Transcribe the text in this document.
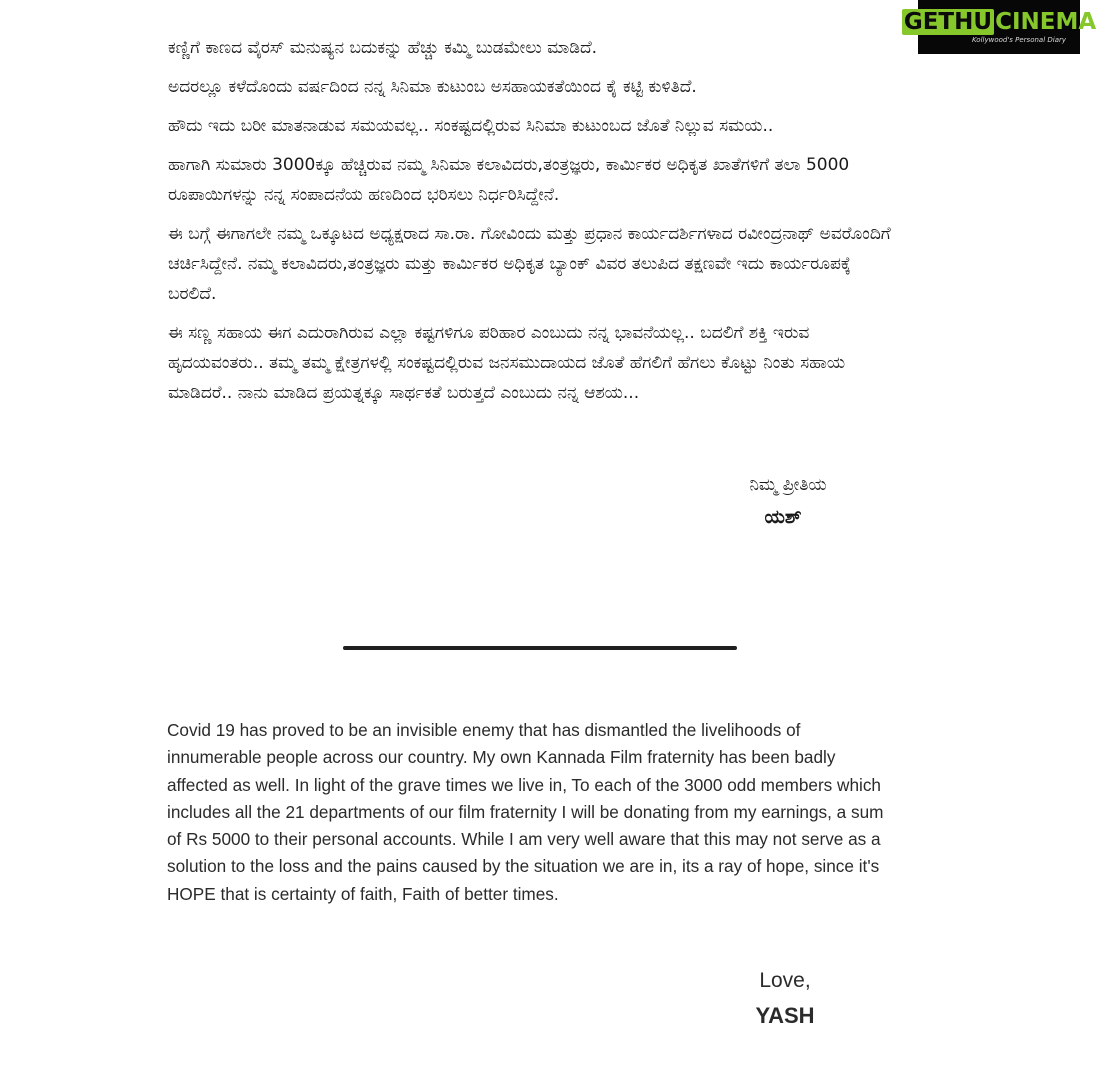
GETHU CINEMA
Kollywood's Personal Diary

ಕಣ್ಣಿಗೆ ಕಾಣದ ವೈರಸ್ ಮನುಷ್ಯನ ಬದುಕನ್ನು ಹೆಚ್ಚು ಕಮ್ಮಿ ಬುಡಮೇಲು ಮಾಡಿದೆ.

ಅದರಲ್ಲೂ ಕಳೆದೊಂದು ವರ್ಷದಿಂದ ನನ್ನ ಸಿನಿಮಾ ಕುಟುಂಬ ಅಸಹಾಯಕತೆಯಿಂದ ಕೈ ಕಟ್ಟಿ ಕುಳಿತಿದೆ.

ಹೌದು ಇದು ಬರೀ ಮಾತನಾಡುವ ಸಮಯವಲ್ಲ.. ಸಂಕಷ್ಟದಲ್ಲಿರುವ ಸಿನಿಮಾ ಕುಟುಂಬದ ಜೊತೆ ನಿಲ್ಲುವ ಸಮಯ..

ಹಾಗಾಗಿ ಸುಮಾರು 3000ಕ್ಕೂ ಹೆಚ್ಚಿರುವ ನಮ್ಮ ಸಿನಿಮಾ ಕಲಾವಿದರು,ತಂತ್ರಜ್ಞರು, ಕಾರ್ಮಿಕರ ಅಧಿಕೃತ ಖಾತೆಗಳಿಗೆ ತಲಾ 5000 ರೂಪಾಯಿಗಳನ್ನು ನನ್ನ ಸಂಪಾದನೆಯ ಹಣದಿಂದ ಭರಿಸಲು ನಿರ್ಧರಿಸಿದ್ದೇನೆ.

ಈ ಬಗ್ಗೆ ಈಗಾಗಲೇ ನಮ್ಮ ಒಕ್ಕೂಟದ ಅಧ್ಯಕ್ಷರಾದ ಸಾ.ರಾ. ಗೋವಿಂದು ಮತ್ತು ಪ್ರಧಾನ ಕಾರ್ಯದರ್ಶಿಗಳಾದ ರವೀಂದ್ರನಾಥ್ ಅವರೊಂದಿಗೆ ಚರ್ಚಿಸಿದ್ದೇನೆ. ನಮ್ಮ ಕಲಾವಿದರು,ತಂತ್ರಜ್ಞರು ಮತ್ತು ಕಾರ್ಮಿಕರ ಅಧಿಕೃತ ಬ್ಯಾಂಕ್ ವಿವರ ತಲುಪಿದ ತಕ್ಷಣವೇ ಇದು ಕಾರ್ಯರೂಪಕ್ಕೆ ಬರಲಿದೆ.

ಈ ಸಣ್ಣ ಸಹಾಯ ಈಗ ಎದುರಾಗಿರುವ ಎಲ್ಲಾ ಕಷ್ಟಗಳಿಗೂ ಪರಿಹಾರ ಎಂಬುದು ನನ್ನ ಭಾವನೆಯಲ್ಲ.. ಬದಲಿಗೆ ಶಕ್ತಿ ಇರುವ ಹೃದಯವಂತರು.. ತಮ್ಮ ತಮ್ಮ ಕ್ಷೇತ್ರಗಳಲ್ಲಿ ಸಂಕಷ್ಟದಲ್ಲಿರುವ ಜನಸಮುದಾಯದ ಜೊತೆ ಹೆಗಲಿಗೆ ಹೆಗಲು ಕೊಟ್ಟು ನಿಂತು ಸಹಾಯ ಮಾಡಿದರೆ.. ನಾನು ಮಾಡಿದ ಪ್ರಯತ್ನಕ್ಕೂ ಸಾರ್ಥಕತೆ ಬರುತ್ತದೆ ಎಂಬುದು ನನ್ನ ಆಶಯ...

ನಿಮ್ಮ ಪ್ರೀತಿಯ
ಯಶ್

Covid 19 has proved to be an invisible enemy that has dismantled the livelihoods of innumerable people across our country. My own Kannada Film fraternity has been badly affected as well. In light of the grave times we live in, To each of the 3000 odd members which includes all the 21 departments of our film fraternity I will be donating from my earnings, a sum of Rs 5000 to their personal accounts. While I am very well aware that this may not serve as a solution to the loss and the pains caused by the situation we are in, its a ray of hope, since it's HOPE that is certainty of faith, Faith of better times.

Love,
YASH
